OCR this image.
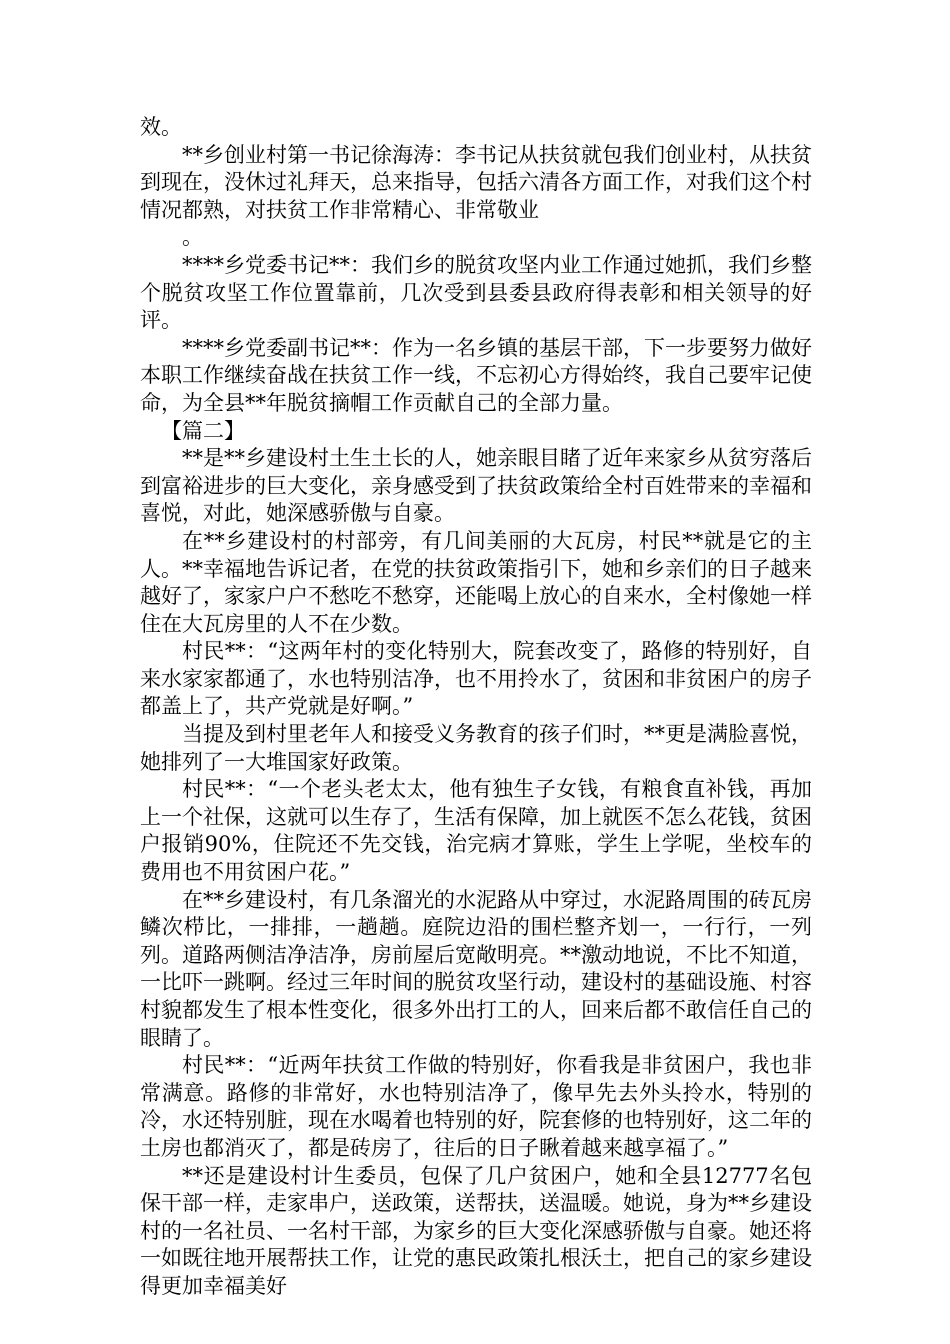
效。

**乡创业村第一书记徐海涛：李书记从扶贫就包我们创业村，从扶贫到现在，没休过礼拜天，总来指导，包括六清各方面工作，对我们这个村情况都熟，对扶贫工作非常精心、非常敬业

。

****乡党委书记**：我们乡的脱贫攻坚内业工作通过她抓，我们乡整个脱贫攻坚工作位置靠前，几次受到县委县政府得表彰和相关领导的好评。

****乡党委副书记**：作为一名乡镇的基层干部，下一步要努力做好本职工作继续奋战在扶贫工作一线，不忘初心方得始终，我自己要牢记使命，为全县**年脱贫摘帽工作贡献自己的全部力量。

【篇二】

**是**乡建设村土生土长的人，她亲眼目睹了近年来家乡从贫穷落后到富裕进步的巨大变化，亲身感受到了扶贫政策给全村百姓带来的幸福和喜悦，对此，她深感骄傲与自豪。

在**乡建设村的村部旁，有几间美丽的大瓦房，村民**就是它的主人。**幸福地告诉记者，在党的扶贫政策指引下，她和乡亲们的日子越来越好了，家家户户不愁吃不愁穿，还能喝上放心的自来水，全村像她一样住在大瓦房里的人不在少数。

村民**：“这两年村的变化特别大，院套改变了，路修的特别好，自来水家家都通了，水也特别洁净，也不用拎水了，贫困和非贫困户的房子都盖上了，共产党就是好啊。”

当提及到村里老年人和接受义务教育的孩子们时，**更是满脸喜悦，她排列了一大堆国家好政策。

村民**：“一个老头老太太，他有独生子女钱，有粮食直补钱，再加上一个社保，这就可以生存了，生活有保障，加上就医不怎么花钱，贫困户报销90%，住院还不先交钱，治完病才算账，学生上学呢，坐校车的费用也不用贫困户花。”

在**乡建设村，有几条溜光的水泥路从中穿过，水泥路周围的砖瓦房鳞次栉比，一排排，一趟趟。庭院边沿的围栏整齐划一，一行行，一列列。道路两侧洁净洁净，房前屋后宽敞明亮。**激动地说，不比不知道，一比吓一跳啊。经过三年时间的脱贫攻坚行动，建设村的基础设施、村容村貌都发生了根本性变化，很多外出打工的人，回来后都不敢信任自己的眼睛了。

村民**：“近两年扶贫工作做的特别好，你看我是非贫困户，我也非常满意。路修的非常好，水也特别洁净了，像早先去外头拎水，特别的冷，水还特别脏，现在水喝着也特别的好，院套修的也特别好，这二年的土房也都消灭了，都是砖房了，往后的日子瞅着越来越享福了。”

**还是建设村计生委员，包保了几户贫困户，她和全县12777名包保干部一样，走家串户，送政策，送帮扶，送温暖。她说，身为**乡建设村的一名社员、一名村干部，为家乡的巨大变化深感骄傲与自豪。她还将一如既往地开展帮扶工作，让党的惠民政策扎根沃土，把自己的家乡建设得更加幸福美好
